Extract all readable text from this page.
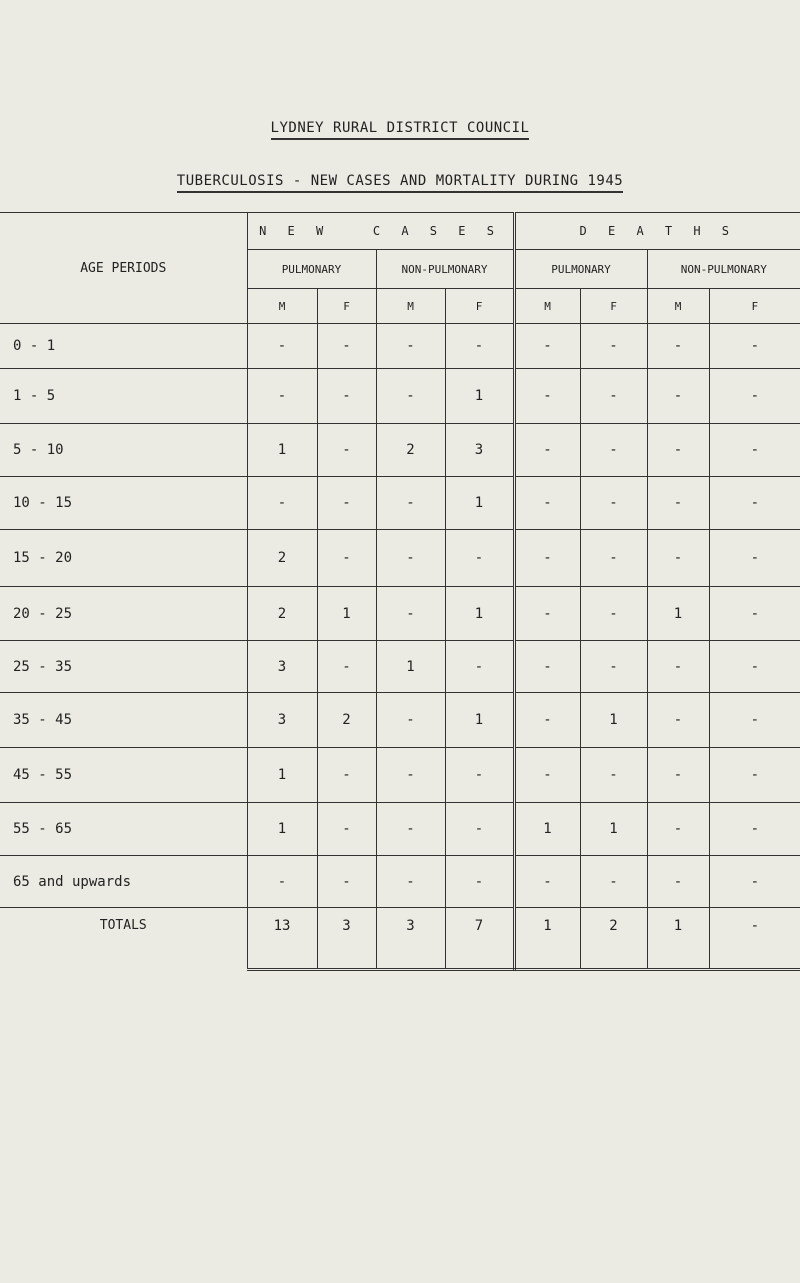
LYDNEY RURAL DISTRICT COUNCIL
TUBERCULOSIS - NEW CASES AND MORTALITY DURING 1945
AGE PERIODS	N E W   C A S E S				D E A T H S			
	PULMONARY		NON-PULMONARY		PULMONARY		NON-PULMONARY	
	M	F	M	F	M	F	M	F
0 - 1	-	-	-	-	-	-	-	-
1 - 5	-	-	-	1	-	-	-	-
5 - 10	1	-	2	3	-	-	-	-
10 - 15	-	-	-	1	-	-	-	-
15 - 20	2	-	-	-	-	-	-	-
20 - 25	2	1	-	1	-	-	1	-
25 - 35	3	-	1	-	-	-	-	-
35 - 45	3	2	-	1	-	1	-	-
45 - 55	1	-	-	-	-	-	-	-
55 - 65	1	-	-	-	1	1	-	-
65 and upwards	-	-	-	-	-	-	-	-
TOTALS	13	3	3	7	1	2	1	-
